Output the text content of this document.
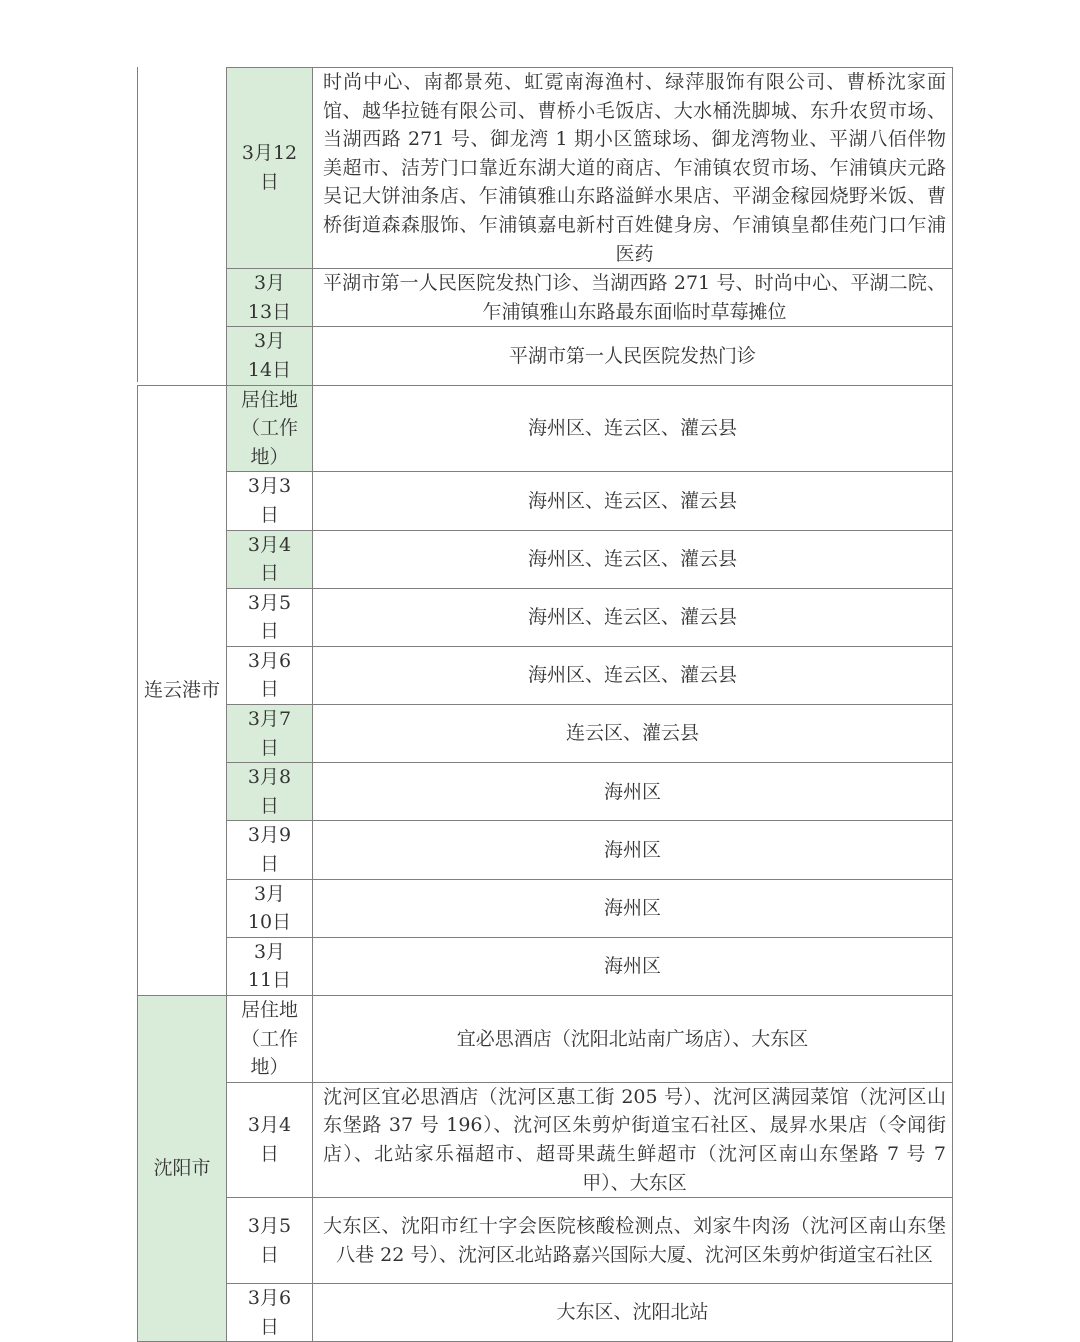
	3月12日	时尚中心、南都景苑、虹霓南海渔村、绿萍服饰有限公司、曹桥沈家面馆、越华拉链有限公司、曹桥小毛饭店、大水桶洗脚城、东升农贸市场、当湖西路 271 号、御龙湾 1 期小区篮球场、御龙湾物业、平湖八佰伴物美超市、洁芳门口靠近东湖大道的商店、乍浦镇农贸市场、乍浦镇庆元路吴记大饼油条店、乍浦镇雅山东路溢鲜水果店、平湖金稼园烧野米饭、曹桥街道森森服饰、乍浦镇嘉电新村百姓健身房、乍浦镇皇都佳苑门口乍浦医药
	3月 13日	平湖市第一人民医院发热门诊、当湖西路 271 号、时尚中心、平湖二院、乍浦镇雅山东路最东面临时草莓摊位
	3月 14日	平湖市第一人民医院发热门诊
连云港市	居住地（工作地）	海州区、连云区、灌云县
	3月3日	海州区、连云区、灌云县
	3月4日	海州区、连云区、灌云县
	3月5日	海州区、连云区、灌云县
	3月6日	海州区、连云区、灌云县
	3月7日	连云区、灌云县
	3月8日	海州区
	3月9日	海州区
	3月 10日	海州区
	3月 11日	海州区
沈阳市	居住地（工作地）	宜必思酒店（沈阳北站南广场店）、大东区
	3月4日	沈河区宜必思酒店（沈河区惠工街 205 号）、沈河区满园菜馆（沈河区山东堡路 37 号 196）、沈河区朱剪炉街道宝石社区、晟昇水果店（令闻街店）、北站家乐福超市、超哥果蔬生鲜超市（沈河区南山东堡路 7 号 7 甲）、大东区
	3月5日	大东区、沈阳市红十字会医院核酸检测点、刘家牛肉汤（沈河区南山东堡八巷 22 号）、沈河区北站路嘉兴国际大厦、沈河区朱剪炉街道宝石社区
	3月6日	大东区、沈阳北站
